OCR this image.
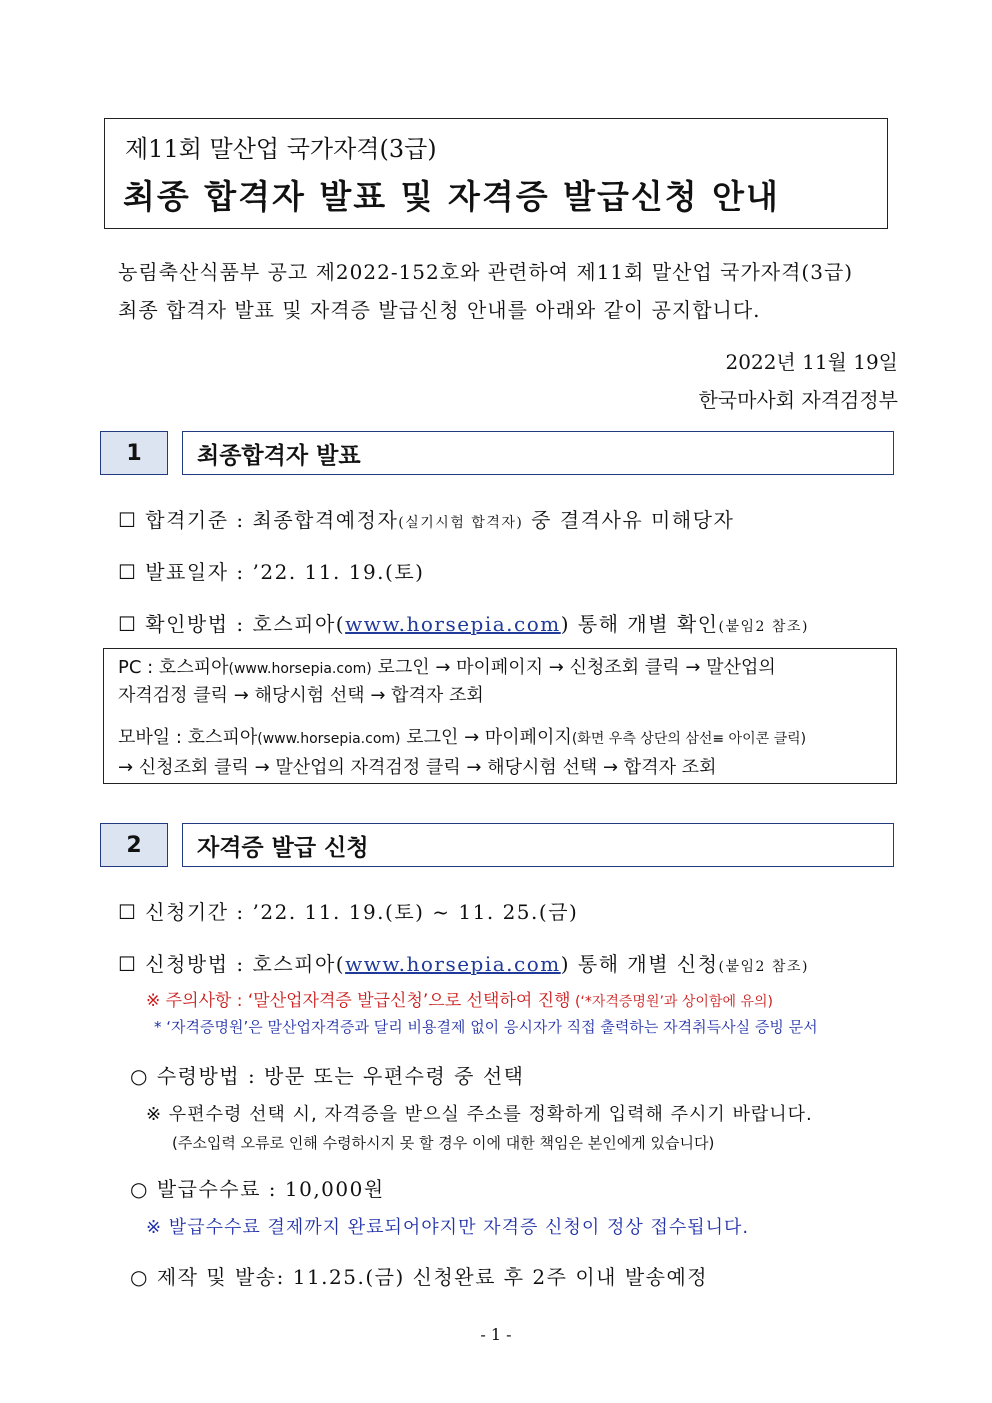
제11회 말산업 국가자격(3급)
최종 합격자 발표 및 자격증 발급신청 안내
농림축산식품부 공고 제2022-152호와 관련하여 제11회 말산업 국가자격(3급)
최종 합격자 발표 및 자격증 발급신청 안내를 아래와 같이 공지합니다.
2022년 11월 19일
한국마사회 자격검정부
1	최종합격자 발표
☐ 합격기준 : 최종합격예정자(실기시험 합격자) 중 결격사유 미해당자
☐ 발표일자 : ’22. 11. 19.(토)
☐ 확인방법 : 호스피아(www.horsepia.com) 통해 개별 확인(붙임2 참조)
PC : 호스피아(www.horsepia.com) 로그인 → 마이페이지 → 신청조회 클릭 → 말산업의
자격검정 클릭 → 해당시험 선택 → 합격자 조회
모바일 : 호스피아(www.horsepia.com) 로그인 → 마이페이지(화면 우측 상단의 삼선≡ 아이콘 클릭)
→ 신청조회 클릭 → 말산업의 자격검정 클릭 → 해당시험 선택 → 합격자 조회
2	자격증 발급 신청
☐ 신청기간 : ’22. 11. 19.(토) ~ 11. 25.(금)
☐ 신청방법 : 호스피아(www.horsepia.com) 통해 개별 신청(붙임2 참조)
※ 주의사항 : ‘말산업자격증 발급신청’으로 선택하여 진행 (‘*자격증명원’과 상이함에 유의)
* ‘자격증명원’은 말산업자격증과 달리 비용결제 없이 응시자가 직접 출력하는 자격취득사실 증빙 문서
○ 수령방법 : 방문 또는 우편수령 중 선택
※ 우편수령 선택 시, 자격증을 받으실 주소를 정확하게 입력해 주시기 바랍니다.
(주소입력 오류로 인해 수령하시지 못 할 경우 이에 대한 책임은 본인에게 있습니다)
○ 발급수수료 : 10,000원
※ 발급수수료 결제까지 완료되어야지만 자격증 신청이 정상 접수됩니다.
○ 제작 및 발송: 11.25.(금) 신청완료 후 2주 이내 발송예정
- 1 -
